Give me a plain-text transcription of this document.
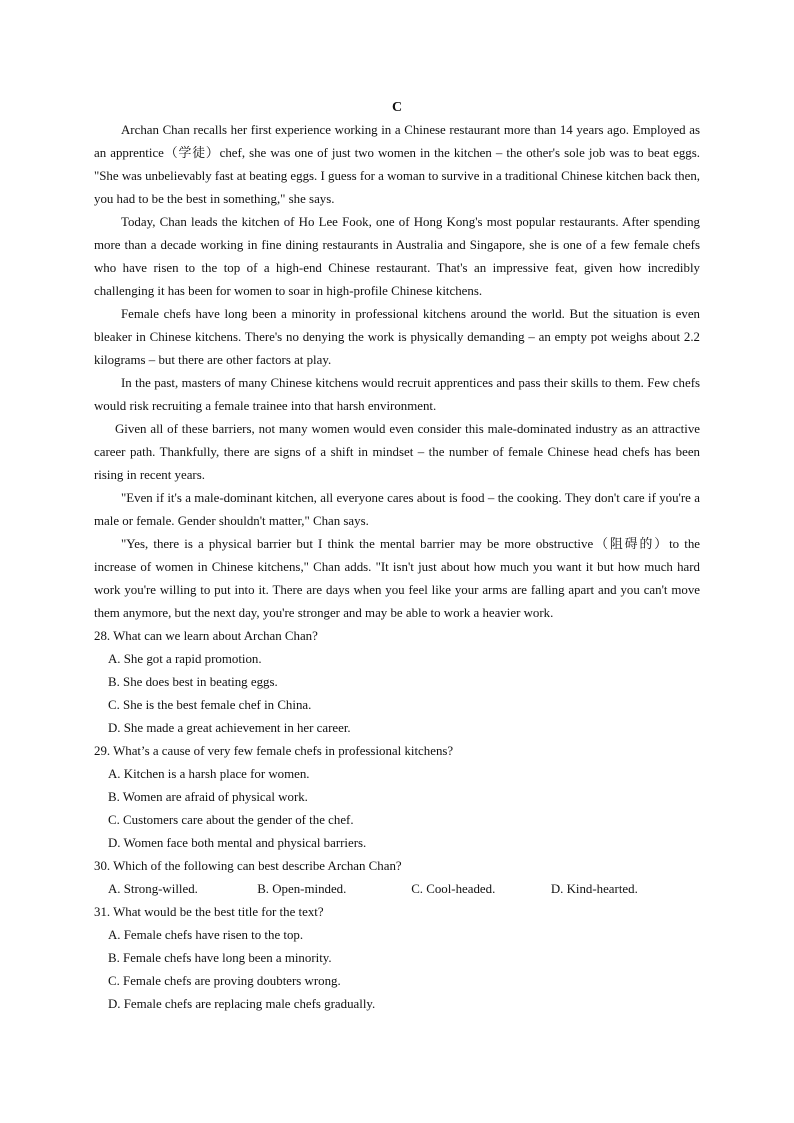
C

Archan Chan recalls her first experience working in a Chinese restaurant more than 14 years ago. Employed as an apprentice（学徒）chef, she was one of just two women in the kitchen – the other's sole job was to beat eggs. "She was unbelievably fast at beating eggs. I guess for a woman to survive in a traditional Chinese kitchen back then, you had to be the best in something," she says.

Today, Chan leads the kitchen of Ho Lee Fook, one of Hong Kong's most popular restaurants. After spending more than a decade working in fine dining restaurants in Australia and Singapore, she is one of a few female chefs who have risen to the top of a high-end Chinese restaurant. That's an impressive feat, given how incredibly challenging it has been for women to soar in high-profile Chinese kitchens.

Female chefs have long been a minority in professional kitchens around the world. But the situation is even bleaker in Chinese kitchens. There's no denying the work is physically demanding – an empty pot weighs about 2.2 kilograms – but there are other factors at play.

In the past, masters of many Chinese kitchens would recruit apprentices and pass their skills to them. Few chefs would risk recruiting a female trainee into that harsh environment.

Given all of these barriers, not many women would even consider this male-dominated industry as an attractive career path. Thankfully, there are signs of a shift in mindset – the number of female Chinese head chefs has been rising in recent years.

"Even if it's a male-dominant kitchen, all everyone cares about is food – the cooking. They don't care if you're a male or female. Gender shouldn't matter," Chan says.

"Yes, there is a physical barrier but I think the mental barrier may be more obstructive（阻碍的）to the increase of women in Chinese kitchens," Chan adds. "It isn't just about how much you want it but how much hard work you're willing to put into it. There are days when you feel like your arms are falling apart and you can't move them anymore, but the next day, you're stronger and may be able to work a heavier work.

28. What can we learn about Archan Chan?

A. She got a rapid promotion.
B. She does best in beating eggs.
C. She is the best female chef in China.
D. She made a great achievement in her career.

29. What’s a cause of very few female chefs in professional kitchens?

A. Kitchen is a harsh place for women.
B. Women are afraid of physical work.
C. Customers care about the gender of the chef.
D. Women face both mental and physical barriers.

30. Which of the following can best describe Archan Chan?

A. Strong-willed.	B. Open-minded.	C. Cool-headed.	D. Kind-hearted.

31. What would be the best title for the text?

A. Female chefs have risen to the top.
B. Female chefs have long been a minority.
C. Female chefs are proving doubters wrong.
D. Female chefs are replacing male chefs gradually.
